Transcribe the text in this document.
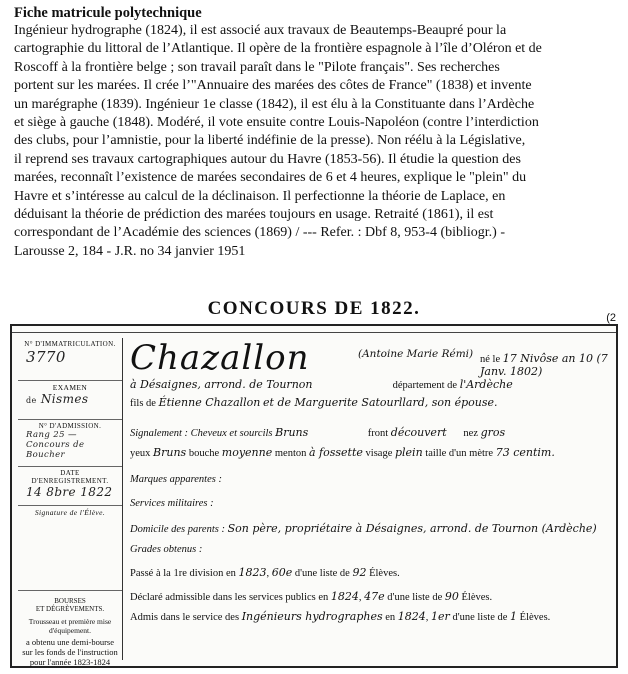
Fiche matricule polytechnique

Ingénieur hydrographe (1824), il est associé aux travaux de Beautemps-Beaupré pour la

cartographie du littoral de l’Atlantique. Il opère de la frontière espagnole à l’île d’Oléron et de

Roscoff à la frontière belge ; son travail paraît dans le "Pilote français". Ses recherches

portent sur les marées. Il crée l’"Annuaire des marées des côtes de France" (1838) et invente

un marégraphe (1839). Ingénieur 1e classe (1842), il est élu à la Constituante dans l’Ardèche

et siège à gauche (1848). Modéré, il vote ensuite contre Louis-Napoléon (contre l’interdiction

des clubs, pour l’amnistie, pour la liberté indéfinie de la presse). Non réélu à la Législative,

il reprend ses travaux cartographiques autour du Havre (1853-56). Il étudie la question des

marées, reconnaît l’existence de marées secondaires de 6 et 4 heures, explique le "plein" du

Havre et s’intéresse au calcul de la déclinaison. Il perfectionne la théorie de Laplace, en

déduisant la théorie de prédiction des marées toujours en usage. Retraité (1861), il est

correspondant de l’Académie des sciences (1869) / --- Refer. : Dbf 8, 953-4 (bibliogr.) -

Larousse 2, 184 - J.R. no 34 janvier 1951

CONCOURS DE 1822.	(2
N° D'IMMATRICULATION.
3770
EXAMEN
de Nismes
N° D'ADMISSION.
Rang 25 — Concours de Boucher
DATE
D'ENREGISTREMENT.
14 8bre 1822
Signature de l'Élève.
BOURSES
ET DÉGRÈVEMENTS.
Trousseau et première mise d'équipement.
a obtenu une demi-bourse sur les fonds de l'instruction pour l'année 1823-1824
Chazallon	(Antoine Marie Rémi) né le 17 Nivôse an 10 (7 Janv. 1802)
à Désaignes, arrond. de Tournon	département de l'Ardèche
fils de Étienne Chazallon et de Marguerite Satourllard, son épouse.
Signalement : Cheveux et sourcils Bruns	front découvert nez gros
yeux Bruns bouche moyenne menton à fossette visage plein taille d'un mètre 73 centim.
Marques apparentes :
Services militaires :
Domicile des parents : Son père, propriétaire à Désaignes, arrond. de Tournon (Ardèche)
Grades obtenus :
Passé à la 1re division en 1823, 60e d'une liste de 92 Élèves.
Déclaré admissible dans les services publics en 1824, 47e d'une liste de 90 Élèves.
Admis dans le service des Ingénieurs hydrographes en 1824, 1er d'une liste de 1 Élèves.
